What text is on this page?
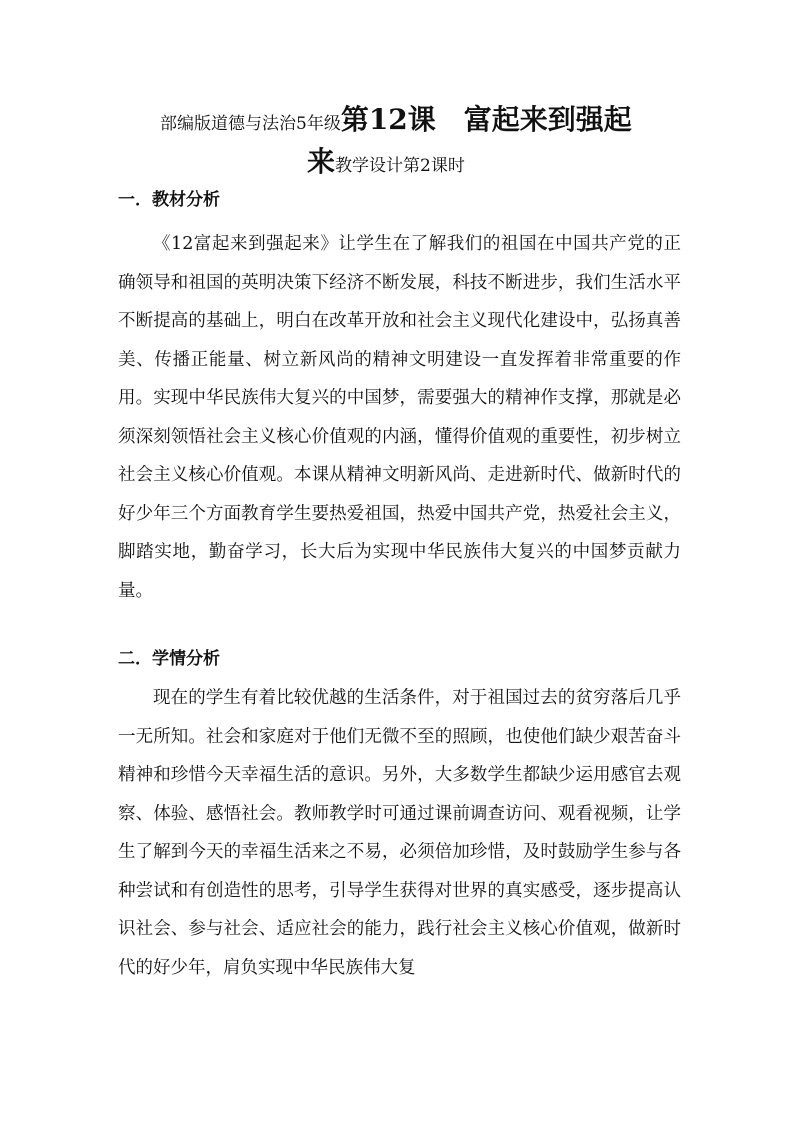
部编版道德与法治5年级第12课　富起来到强起
来教学设计第2课时
一．教材分析

《12富起来到强起来》让学生在了解我们的祖国在中国共产党的正确领导和祖国的英明决策下经济不断发展，科技不断进步，我们生活水平不断提高的基础上，明白在改革开放和社会主义现代化建设中，弘扬真善美、传播正能量、树立新风尚的精神文明建设一直发挥着非常重要的作用。实现中华民族伟大复兴的中国梦，需要强大的精神作支撑，那就是必须深刻领悟社会主义核心价值观的内涵，懂得价值观的重要性，初步树立社会主义核心价值观。本课从精神文明新风尚、走进新时代、做新时代的好少年三个方面教育学生要热爱祖国，热爱中国共产党，热爱社会主义，脚踏实地，勤奋学习，长大后为实现中华民族伟大复兴的中国梦贡献力量。

二．学情分析

现在的学生有着比较优越的生活条件，对于祖国过去的贫穷落后几乎一无所知。社会和家庭对于他们无微不至的照顾，也使他们缺少艰苦奋斗精神和珍惜今天幸福生活的意识。另外，大多数学生都缺少运用感官去观察、体验、感悟社会。教师教学时可通过课前调查访问、观看视频，让学生了解到今天的幸福生活来之不易，必须倍加珍惜，及时鼓励学生参与各种尝试和有创造性的思考，引导学生获得对世界的真实感受，逐步提高认识社会、参与社会、适应社会的能力，践行社会主义核心价值观，做新时代的好少年，肩负实现中华民族伟大复
